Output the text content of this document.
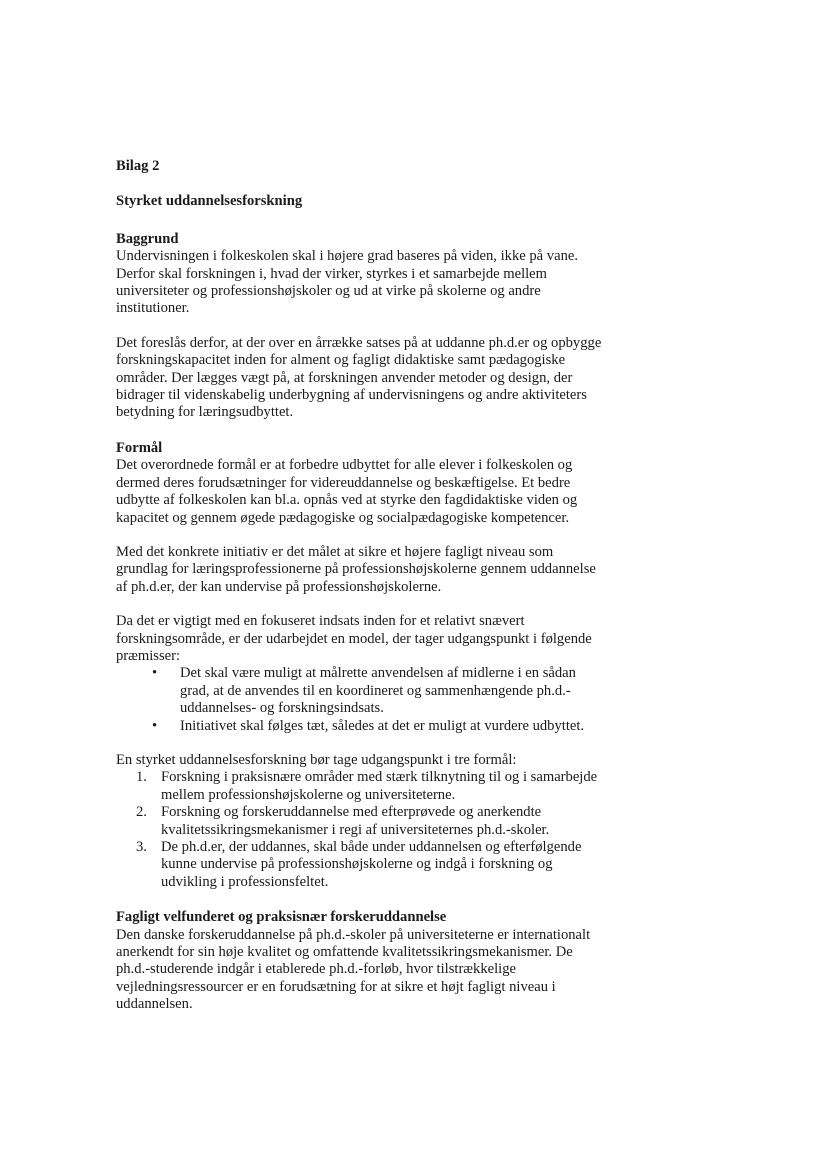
Bilag 2

Styrket uddannelsesforskning

Baggrund

Undervisningen i folkeskolen skal i højere grad baseres på viden, ikke på vane. Derfor skal forskningen i, hvad der virker, styrkes i et samarbejde mellem universiteter og professionshøjskoler og ud at virke på skolerne og andre institutioner.

Det foreslås derfor, at der over en årrække satses på at uddanne ph.d.er og opbygge forskningskapacitet inden for alment og fagligt didaktiske samt pædagogiske områder. Der lægges vægt på, at forskningen anvender metoder og design, der bidrager til videnskabelig underbygning af undervisningens og andre aktiviteters betydning for læringsudbyttet.

Formål

Det overordnede formål er at forbedre udbyttet for alle elever i folkeskolen og dermed deres forudsætninger for videreuddannelse og beskæftigelse. Et bedre udbytte af folkeskolen kan bl.a. opnås ved at styrke den fagdidaktiske viden og kapacitet og gennem øgede pædagogiske og socialpædagogiske kompetencer.

Med det konkrete initiativ er det målet at sikre et højere fagligt niveau som grundlag for læringsprofessionerne på professionshøjskolerne gennem uddannelse af ph.d.er, der kan undervise på professionshøjskolerne.

Da det er vigtigt med en fokuseret indsats inden for et relativt snævert forskningsområde, er der udarbejdet en model, der tager udgangspunkt i følgende præmisser:

• Det skal være muligt at målrette anvendelsen af midlerne i en sådan grad, at de anvendes til en koordineret og sammenhængende ph.d.-uddannelses- og forskningsindsats.
• Initiativet skal følges tæt, således at det er muligt at vurdere udbyttet.

En styrket uddannelsesforskning bør tage udgangspunkt i tre formål:

1. Forskning i praksisnære områder med stærk tilknytning til og i samarbejde mellem professionshøjskolerne og universiteterne.
2. Forskning og forskeruddannelse med efterprøvede og anerkendte kvalitetssikringsmekanismer i regi af universiteternes ph.d.-skoler.
3. De ph.d.er, der uddannes, skal både under uddannelsen og efterfølgende kunne undervise på professionshøjskolerne og indgå i forskning og udvikling i professionsfeltet.

Fagligt velfunderet og praksisnær forskeruddannelse

Den danske forskeruddannelse på ph.d.-skoler på universiteterne er internationalt anerkendt for sin høje kvalitet og omfattende kvalitetssikringsmekanismer. De ph.d.-studerende indgår i etablerede ph.d.-forløb, hvor tilstrækkelige vejledningsressourcer er en forudsætning for at sikre et højt fagligt niveau i uddannelsen.
